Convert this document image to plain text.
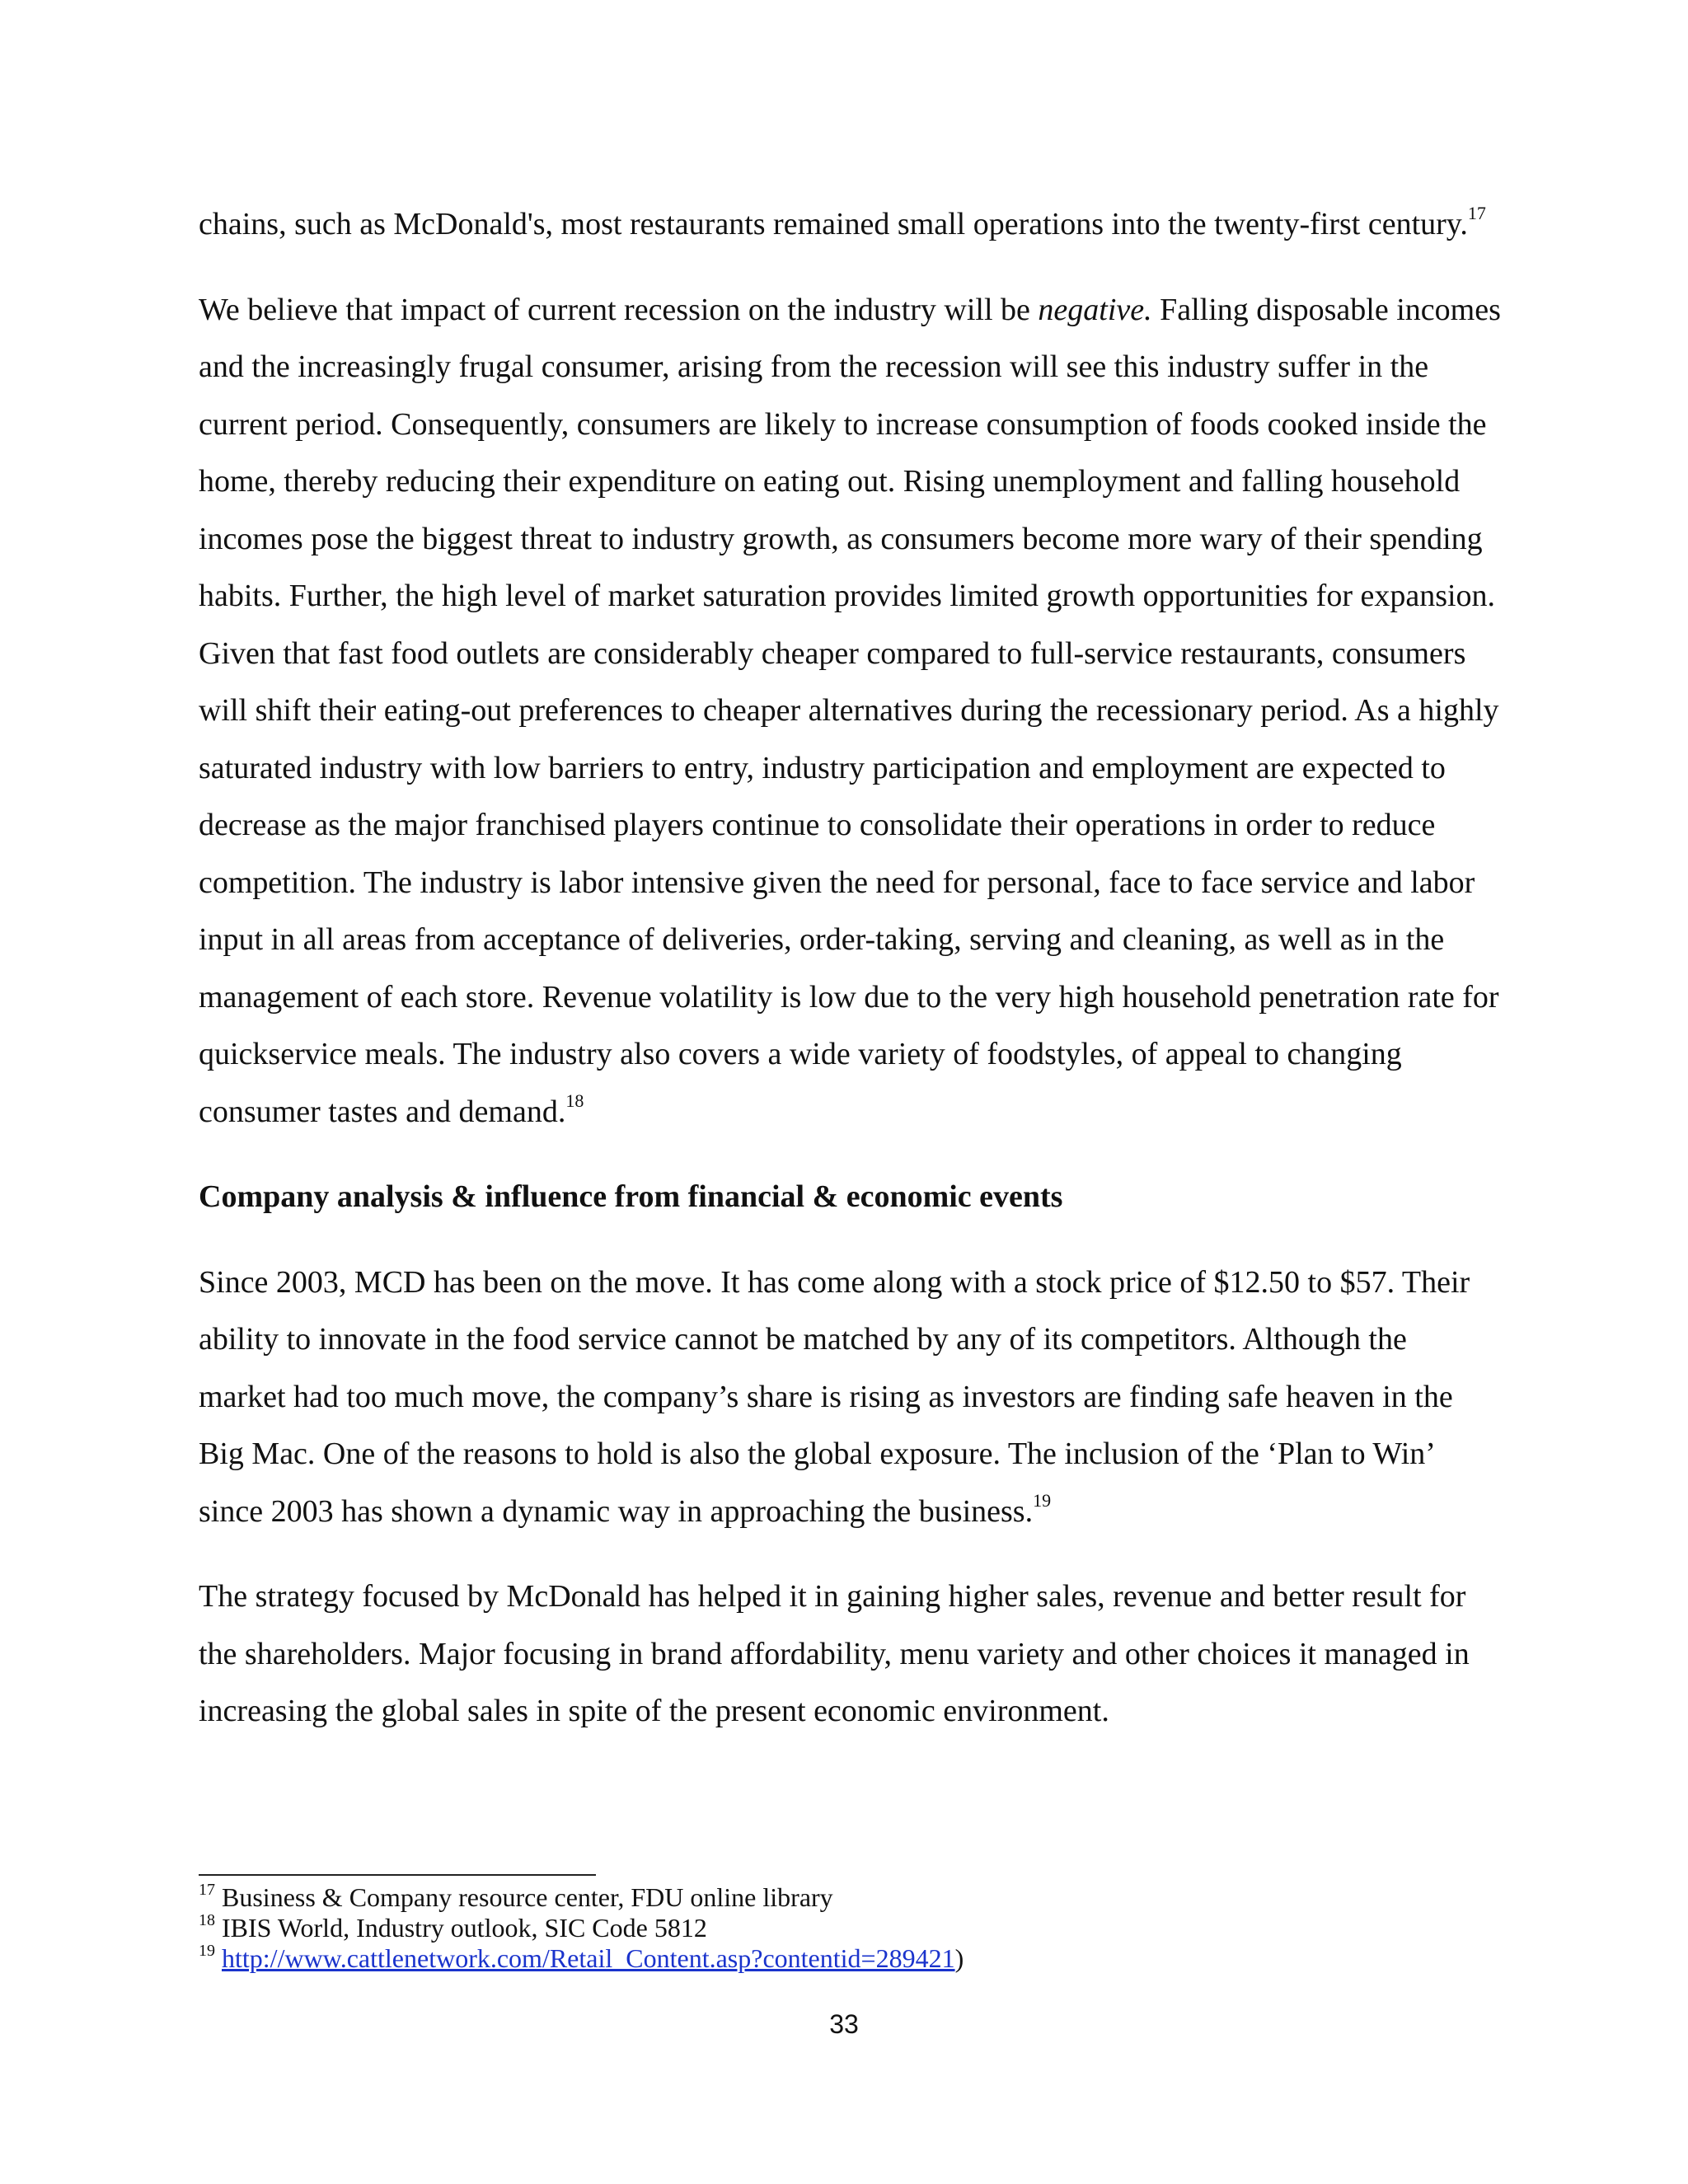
chains, such as McDonald's, most restaurants remained small operations into the twenty-first century.$^{17}$

We believe that impact of current recession on the industry will be negative. Falling disposable incomes and the increasingly frugal consumer, arising from the recession will see this industry suffer in the current period. Consequently, consumers are likely to increase consumption of foods cooked inside the home, thereby reducing their expenditure on eating out. Rising unemployment and falling household incomes pose the biggest threat to industry growth, as consumers become more wary of their spending habits. Further, the high level of market saturation provides limited growth opportunities for expansion. Given that fast food outlets are considerably cheaper compared to full-service restaurants, consumers will shift their eating-out preferences to cheaper alternatives during the recessionary period. As a highly saturated industry with low barriers to entry, industry participation and employment are expected to decrease as the major franchised players continue to consolidate their operations in order to reduce competition. The industry is labor intensive given the need for personal, face to face service and labor input in all areas from acceptance of deliveries, order-taking, serving and cleaning, as well as in the management of each store. Revenue volatility is low due to the very high household penetration rate for quickservice meals. The industry also covers a wide variety of foodstyles, of appeal to changing consumer tastes and demand.$^{18}$

Company analysis & influence from financial & economic events

Since 2003, MCD has been on the move. It has come along with a stock price of $12.50 to $57. Their ability to innovate in the food service cannot be matched by any of its competitors. Although the market had too much move, the company’s share is rising as investors are finding safe heaven in the Big Mac. One of the reasons to hold is also the global exposure. The inclusion of the ‘Plan to Win’ since 2003 has shown a dynamic way in approaching the business.$^{19}$

The strategy focused by McDonald has helped it in gaining higher sales, revenue and better result for the shareholders. Major focusing in brand affordability, menu variety and other choices it managed in increasing the global sales in spite of the present economic environment.

$^{17}$ Business & Company resource center, FDU online library

$^{18}$ IBIS World, Industry outlook, SIC Code 5812

$^{19}$ http://www.cattlenetwork.com/Retail_Content.asp?contentid=289421)

33
